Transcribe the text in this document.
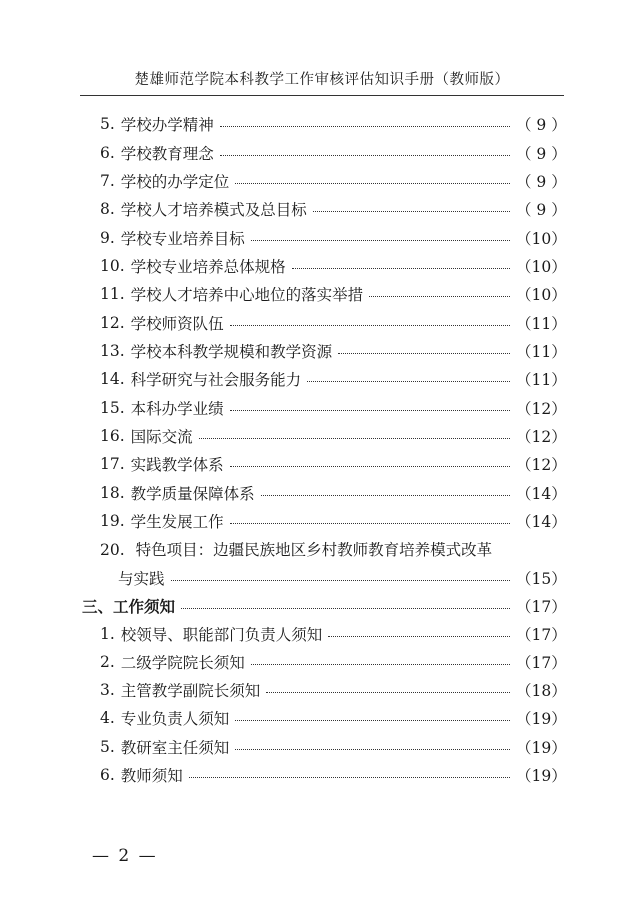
楚雄师范学院本科教学工作审核评估知识手册（教师版）
5. 学校办学精神	（ 9 ）
6. 学校教育理念	（ 9 ）
7. 学校的办学定位	（ 9 ）
8. 学校人才培养模式及总目标	（ 9 ）
9. 学校专业培养目标	（10）
10. 学校专业培养总体规格	（10）
11. 学校人才培养中心地位的落实举措	（10）
12. 学校师资队伍	（11）
13. 学校本科教学规模和教学资源	（11）
14. 科学研究与社会服务能力	（11）
15. 本科办学业绩	（12）
16. 国际交流	（12）
17. 实践教学体系	（12）
18. 教学质量保障体系	（14）
19. 学生发展工作	（14）
20. 特色项目：边疆民族地区乡村教师教育培养模式改革
与实践	（15）
三、工作须知	（17）
1. 校领导、职能部门负责人须知	（17）
2. 二级学院院长须知	（17）
3. 主管教学副院长须知	（18）
4. 专业负责人须知	（19）
5. 教研室主任须知	（19）
6. 教师须知	（19）
— 2 —
